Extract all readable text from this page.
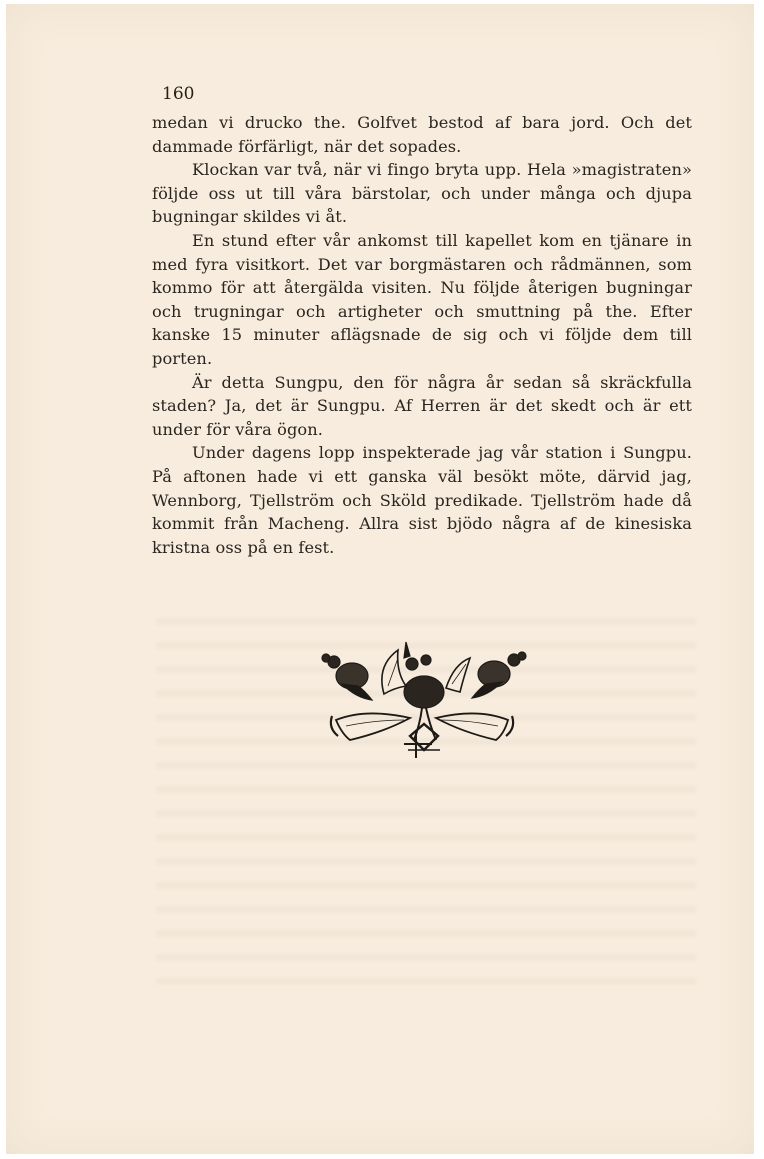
160

medan vi drucko the. Golfvet bestod af bara jord. Och det dammade förfärligt, när det sopades.

Klockan var två, när vi fingo bryta upp. Hela »magistraten» följde oss ut till våra bärstolar, och under många och djupa bugningar skildes vi åt.

En stund efter vår ankomst till kapellet kom en tjänare in med fyra visitkort. Det var borgmästaren och rådmännen, som kommo för att återgälda visiten. Nu följde återigen bugningar och trugningar och artigheter och smuttning på the. Efter kanske 15 minuter aflägsnade de sig och vi följde dem till porten.

Är detta Sungpu, den för några år sedan så skräckfulla staden? Ja, det är Sungpu. Af Herren är det skedt och är ett under för våra ögon.

Under dagens lopp inspekterade jag vår station i Sungpu. På aftonen hade vi ett ganska väl besökt möte, därvid jag, Wennborg, Tjellström och Sköld predikade. Tjellström hade då kommit från Macheng. Allra sist bjödo några af de kinesiska kristna oss på en fest.
